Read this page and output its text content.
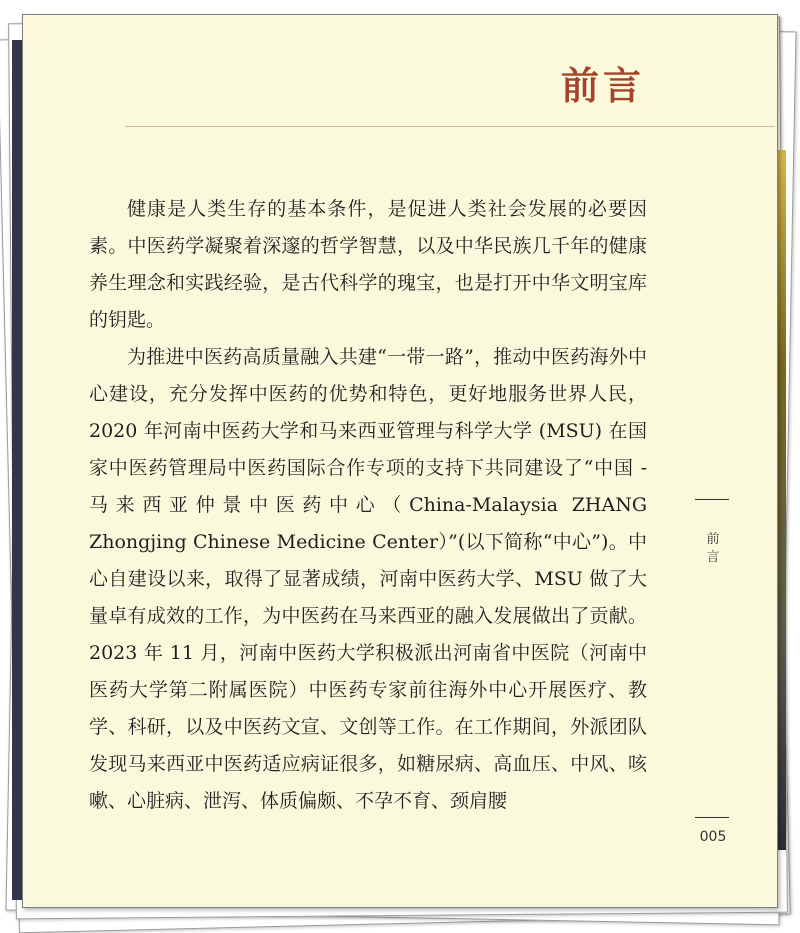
前言

健康是人类生存的基本条件，是促进人类社会发展的必要因素。中医药学凝聚着深邃的哲学智慧，以及中华民族几千年的健康养生理念和实践经验，是古代科学的瑰宝，也是打开中华文明宝库的钥匙。

为推进中医药高质量融入共建“一带一路”，推动中医药海外中心建设，充分发挥中医药的优势和特色，更好地服务世界人民，2020 年河南中医药大学和马来西亚管理与科学大学 (MSU) 在国家中医药管理局中医药国际合作专项的支持下共同建设了“中国 - 马来西亚仲景中医药中心（China-Malaysia ZHANG Zhongjing Chinese Medicine Center）”(以下简称“中心”)。中心自建设以来，取得了显著成绩，河南中医药大学、MSU 做了大量卓有成效的工作，为中医药在马来西亚的融入发展做出了贡献。2023 年 11 月，河南中医药大学积极派出河南省中医院（河南中医药大学第二附属医院）中医药专家前往海外中心开展医疗、教学、科研，以及中医药文宣、文创等工作。在工作期间，外派团队发现马来西亚中医药适应病证很多，如糖尿病、高血压、中风、咳嗽、心脏病、泄泻、体质偏颇、不孕不育、颈肩腰

前
言
005
